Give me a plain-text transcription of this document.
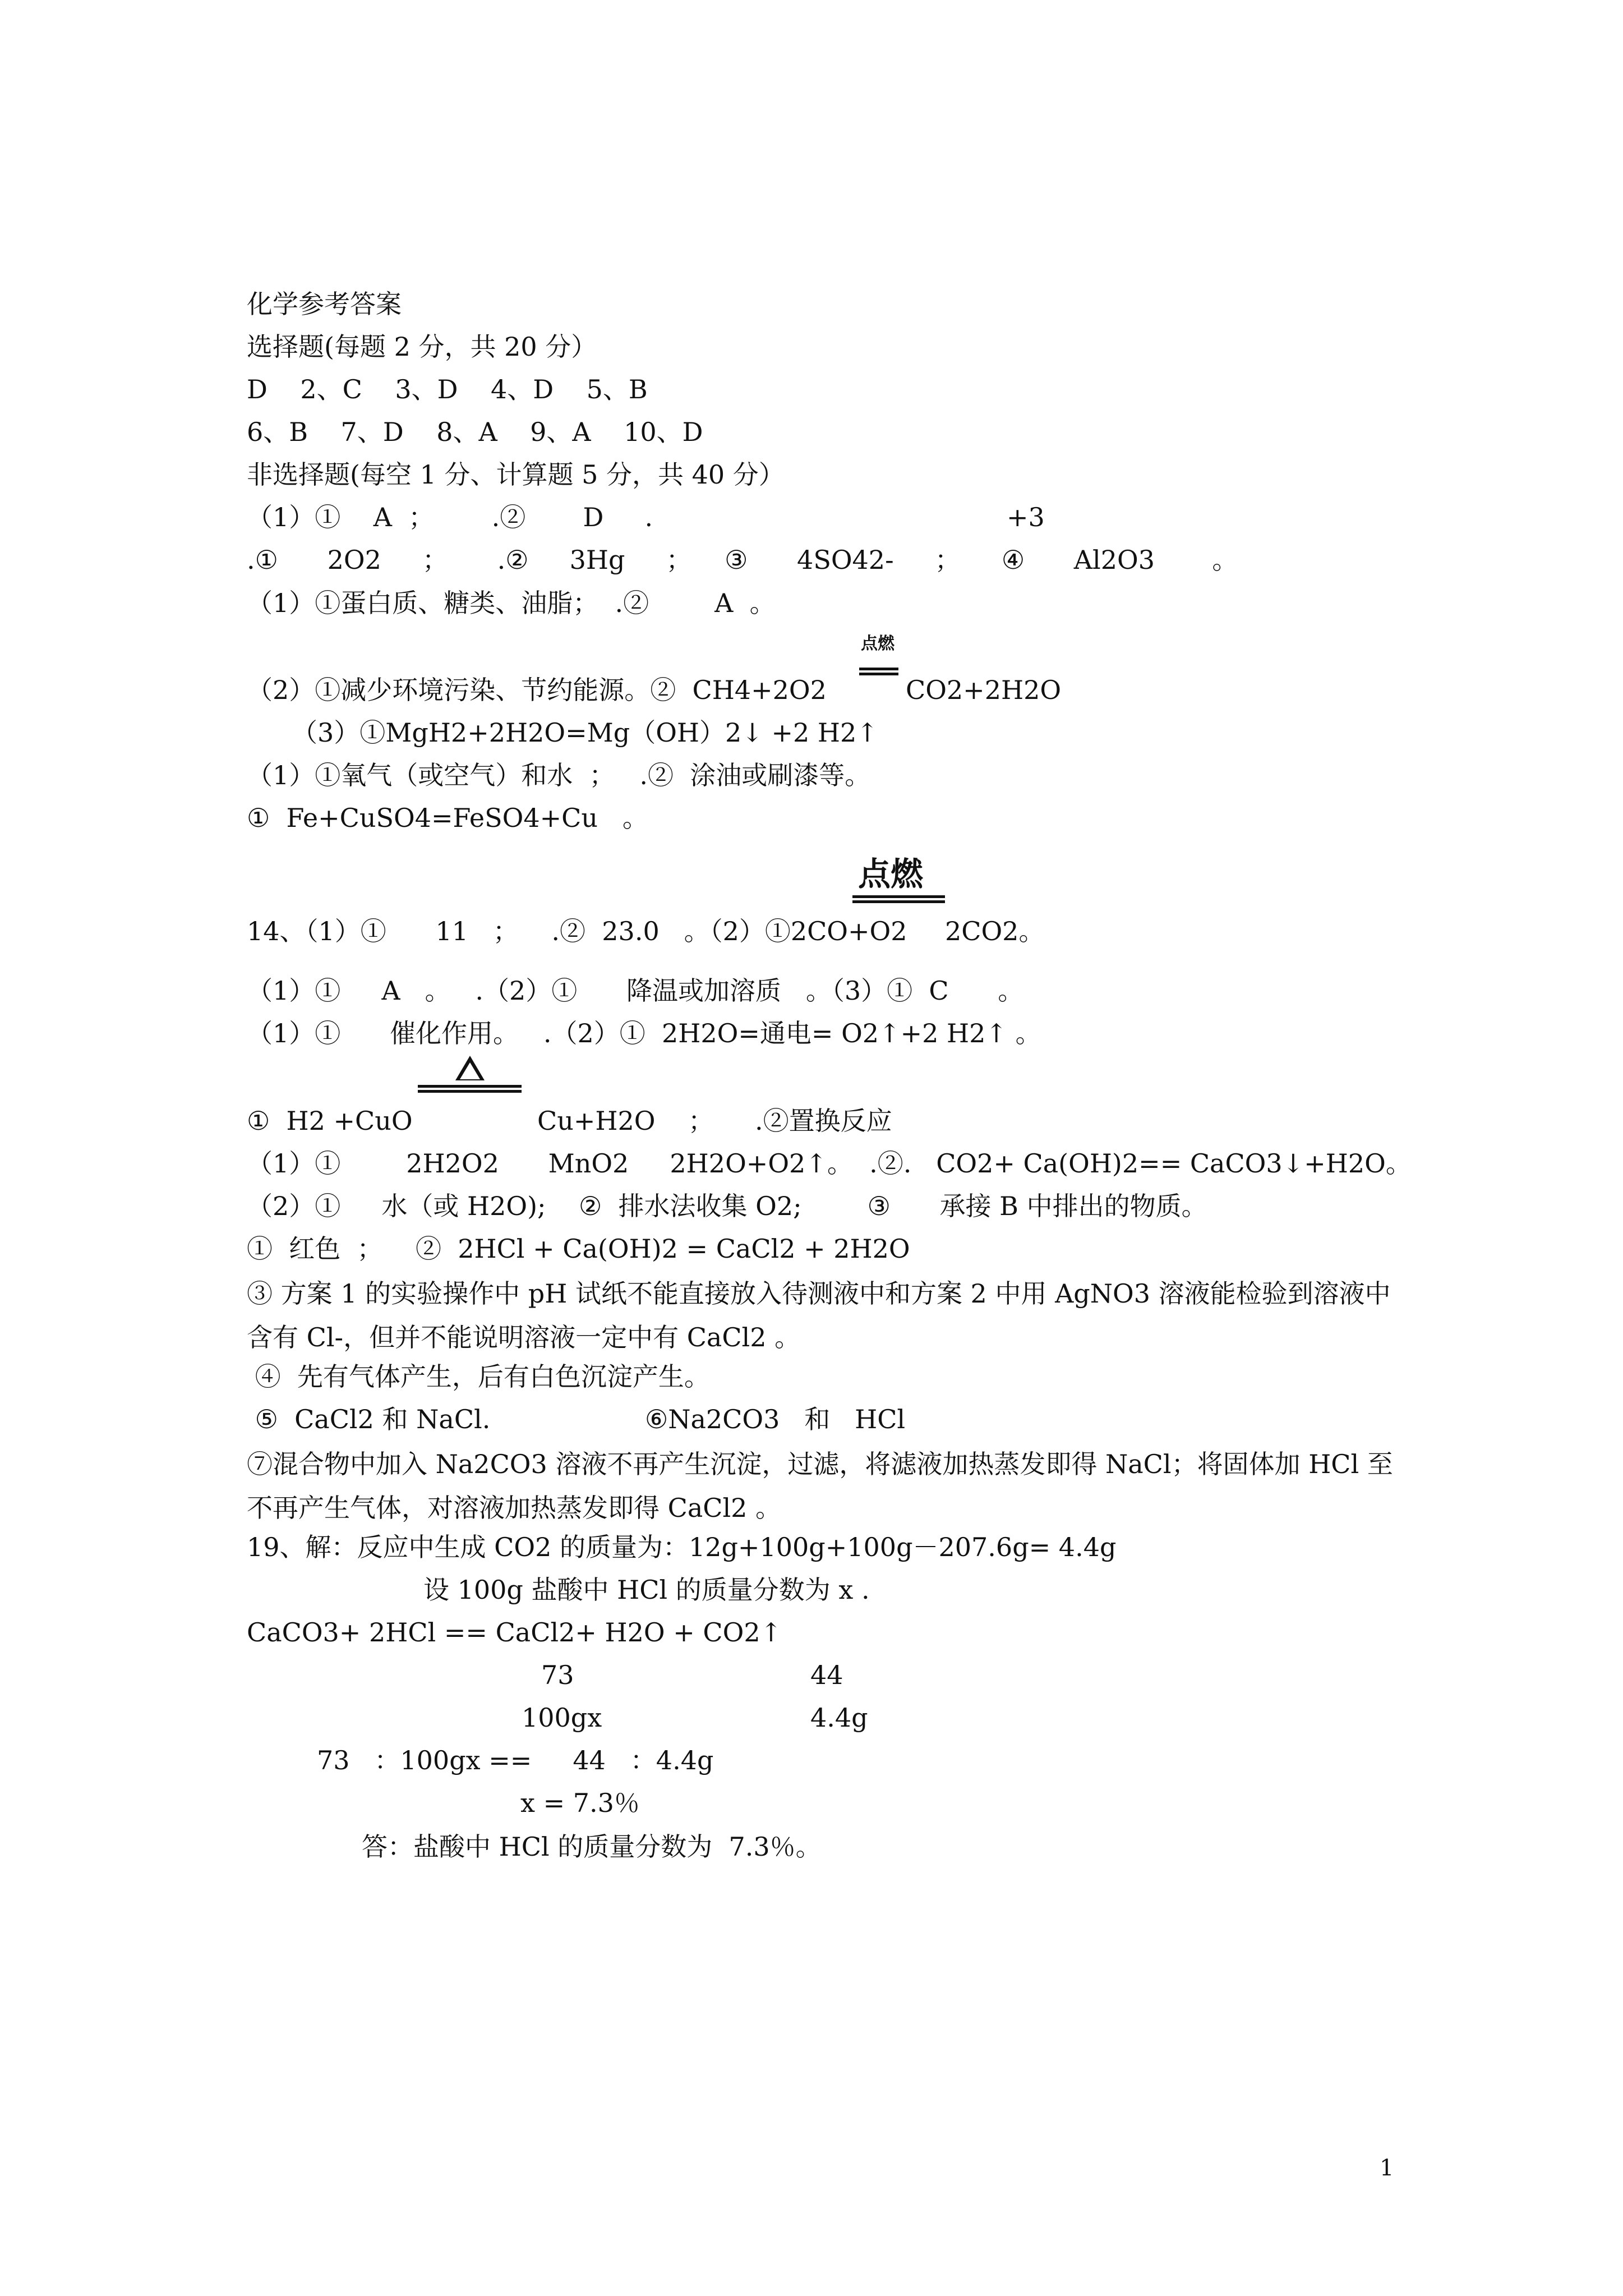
化学参考答案
选择题(每题 2 分，共 20 分）
D    2、C    3、D    4、D    5、B
6、B    7、D    8、A    9、A    10、D
非选择题(每空 1 分、计算题 5 分，共 40 分）
（1）①    A  ；       .②       D     .	+3
.①      2O2     ；      .②     3Hg     ；    ③      4SO42-     ；     ④      Al2O3       。
（1）①蛋白质、糖类、油脂；  .②        A  。
点燃
（2）①减少环境污染、节约能源。②  CH4+2O2	CO2+2H2O
（3）①MgH2+2H2O=Mg（OH）2↓ +2 H2↑
（1）①氧气（或空气）和水  ；   .②  涂油或刷漆等。
①  Fe+CuSO4=FeSO4+Cu   。
点燃
14、（1）①      11   ；    .②  23.0   。（2）①2CO+O2 2CO2。
（1）①     A   。   .（2）①      降温或加溶质   。（3）①  C      。
（1）①      催化作用。   .（2）①  2H2O=通电= O2↑+2 H2↑ 。
①  H2 +CuO	Cu+H2O    ；     .②置换反应
（1）①        2H2O2      MnO2     2H2O+O2↑。  .②.   CO2+ Ca(OH)2== CaCO3↓+H2O。
（2）①     水（或 H2O);    ②  排水法收集 O2;        ③      承接 B 中排出的物质。
①  红色  ；    ②  2HCl + Ca(OH)2 = CaCl2 + 2H2O
③ 方案 1 的实验操作中 pH 试纸不能直接放入待测液中和方案 2 中用 AgNO3 溶液能检验到溶液中含有 Cl-，但并不能说明溶液一定中有 CaCl2 。
④  先有气体产生，后有白色沉淀产生。
⑤  CaCl2 和 NaCl.	⑥Na2CO3   和   HCl
⑦混合物中加入 Na2CO3 溶液不再产生沉淀，过滤，将滤液加热蒸发即得 NaCl；将固体加 HCl 至不再产生气体，对溶液加热蒸发即得 CaCl2 。
19、解：反应中生成 CO2 的质量为：12g+100g+100g－207.6g= 4.4g
设 100g 盐酸中 HCl 的质量分数为 x .
CaCO3+ 2HCl == CaCl2+ H2O + CO2↑
73	44
100gx	4.4g
73   ：100gx ==     44   ：4.4g
x = 7.3％
答：盐酸中 HCl 的质量分数为  7.3％。
1
